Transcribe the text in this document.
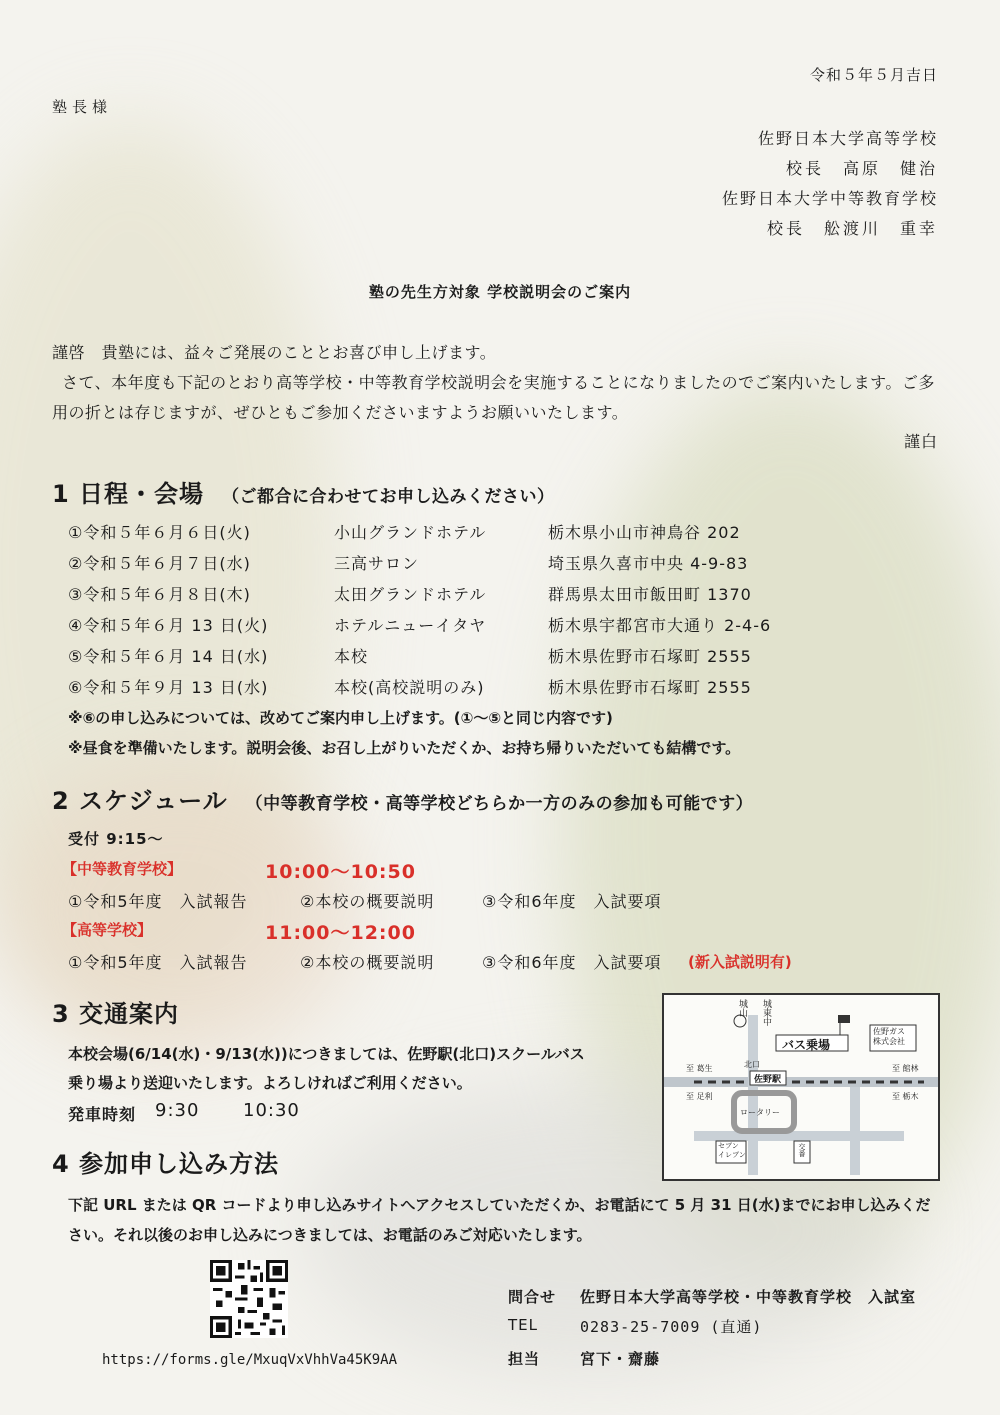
令和５年５月吉日
塾長様
佐野日本大学高等学校
校長　高原　健治
佐野日本大学中等教育学校
校長　舩渡川　重幸
塾の先生方対象 学校説明会のご案内
謹啓　貴塾には、益々ご発展のこととお喜び申し上げます。
さて、本年度も下記のとおり高等学校・中等教育学校説明会を実施することになりましたのでご案内いたします。ご多用の折とは存じますが、ぜひともご参加くださいますようお願いいたします。
謹白
1 日程・会場 （ご都合に合わせてお申し込みください）
①令和５年６月６日(火)	小山グランドホテル	栃木県小山市神鳥谷 202
②令和５年６月７日(水)	三高サロン	埼玉県久喜市中央 4-9-83
③令和５年６月８日(木)	太田グランドホテル	群馬県太田市飯田町 1370
④令和５年６月 13 日(火)	ホテルニューイタヤ	栃木県宇都宮市大通り 2-4-6
⑤令和５年６月 14 日(水)	本校	栃木県佐野市石塚町 2555
⑥令和５年９月 13 日(水)	本校(高校説明のみ)	栃木県佐野市石塚町 2555
※⑥の申し込みについては、改めてご案内申し上げます。(①～⑤と同じ内容です)
※昼食を準備いたします。説明会後、お召し上がりいただくか、お持ち帰りいただいても結構です。
2 スケジュール （中等教育学校・高等学校どちらか一方のみの参加も可能です）
受付 9:15～
【中等教育学校】	10:00～10:50
①令和5年度　入試報告	②本校の概要説明	③令和6年度　入試要項
【高等学校】	11:00～12:00
①令和5年度　入試報告	②本校の概要説明	③令和6年度　入試要項 (新入試説明有)
3 交通案内
本校会場(6/14(水)・9/13(水))につきましては、佐野駅(北口)スクールバス
乗り場より送迎いたします。よろしければご利用ください。
発車時刻 9:30 10:30
城山 城東中
バス乗場
佐野ガス
株式会社
北口
佐野駅
至 葛生	至 館林
至 足利	至 栃木
ロータリー
セブン
イレブン	交番
4 参加申し込み方法
下記 URL または QR コードより申し込みサイトへアクセスしていただくか、お電話にて 5 月 31 日(水)までにお申し込みください。それ以後のお申し込みにつきましては、お電話のみご対応いたします。
https://forms.gle/MxuqVxVhhVa45K9AA
問合せ 佐野日本大学高等学校・中等教育学校　入試室
TEL	0283-25-7009 (直通)
担当	宮下・齋藤
